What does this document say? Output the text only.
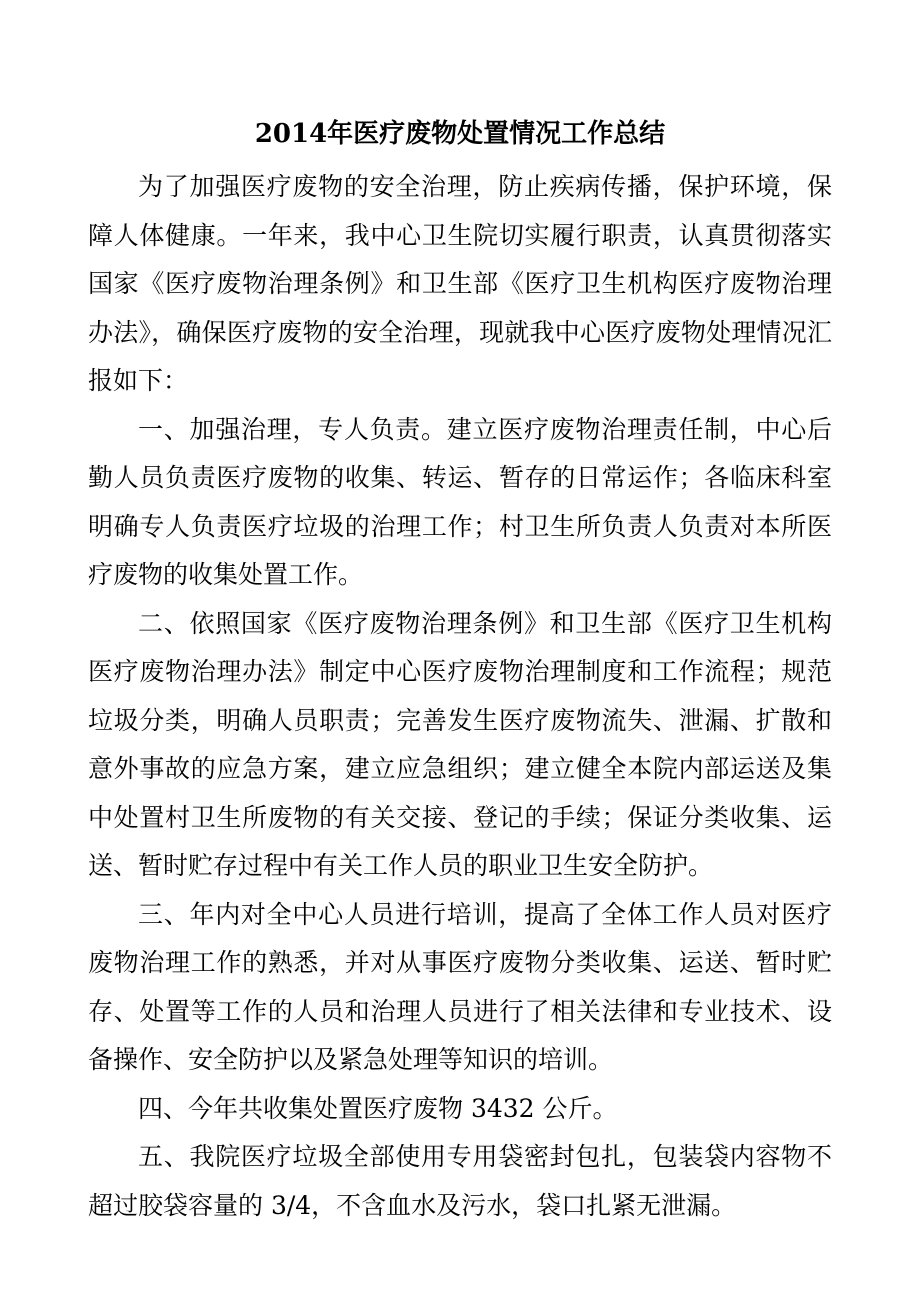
2014年医疗废物处置情况工作总结

为了加强医疗废物的安全治理，防止疾病传播，保护环境，保障人体健康。一年来，我中心卫生院切实履行职责，认真贯彻落实国家《医疗废物治理条例》和卫生部《医疗卫生机构医疗废物治理办法》，确保医疗废物的安全治理，现就我中心医疗废物处理情况汇报如下：

一、加强治理，专人负责。建立医疗废物治理责任制，中心后勤人员负责医疗废物的收集、转运、暂存的日常运作；各临床科室明确专人负责医疗垃圾的治理工作；村卫生所负责人负责对本所医疗废物的收集处置工作。

二、依照国家《医疗废物治理条例》和卫生部《医疗卫生机构医疗废物治理办法》制定中心医疗废物治理制度和工作流程；规范垃圾分类，明确人员职责；完善发生医疗废物流失、泄漏、扩散和意外事故的应急方案，建立应急组织；建立健全本院内部运送及集中处置村卫生所废物的有关交接、登记的手续；保证分类收集、运送、暂时贮存过程中有关工作人员的职业卫生安全防护。

三、年内对全中心人员进行培训，提高了全体工作人员对医疗废物治理工作的熟悉，并对从事医疗废物分类收集、运送、暂时贮存、处置等工作的人员和治理人员进行了相关法律和专业技术、设备操作、安全防护以及紧急处理等知识的培训。

四、今年共收集处置医疗废物 3432 公斤。

五、我院医疗垃圾全部使用专用袋密封包扎，包装袋内容物不超过胶袋容量的 3/4，不含血水及污水，袋口扎紧无泄漏。
